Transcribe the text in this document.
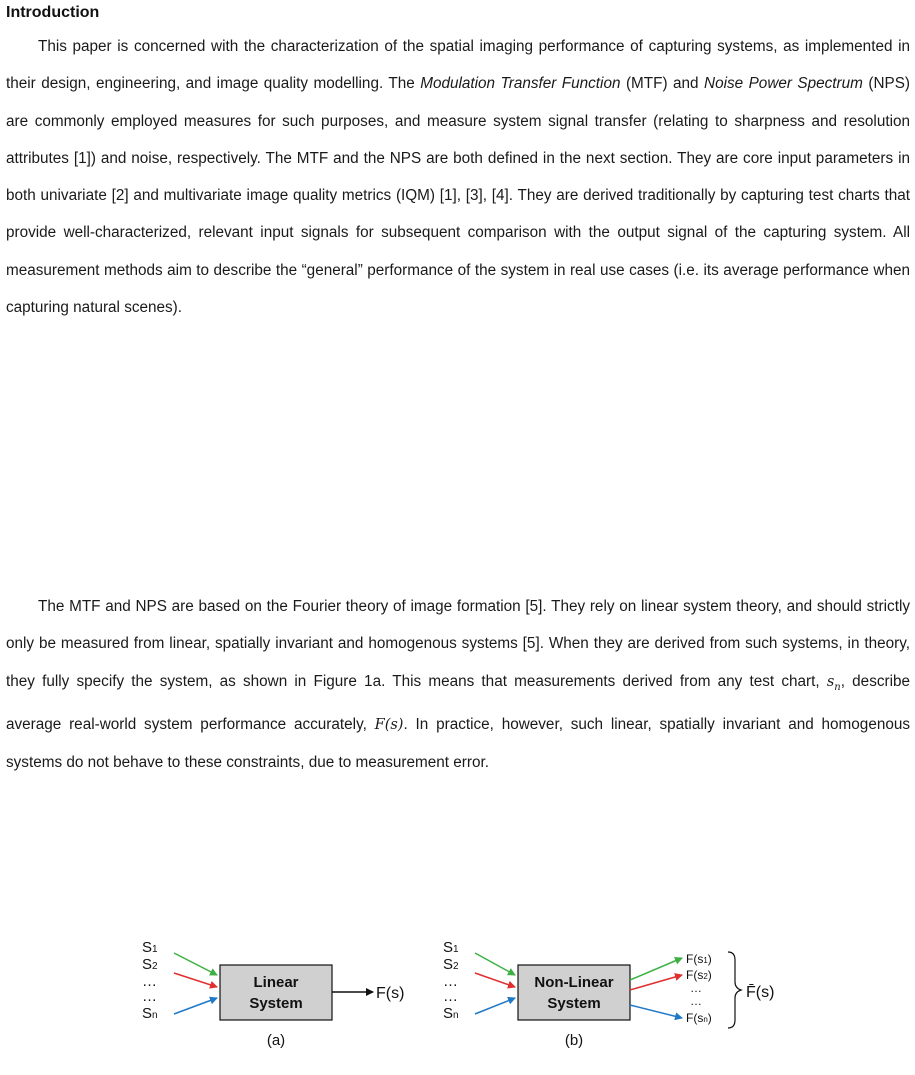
Introduction

This paper is concerned with the characterization of the spatial imaging performance of capturing systems, as implemented in their design, engineering, and image quality modelling. The Modulation Transfer Function (MTF) and Noise Power Spectrum (NPS) are commonly employed measures for such purposes, and measure system signal transfer (relating to sharpness and resolution attributes [1]) and noise, respectively. The MTF and the NPS are both defined in the next section. They are core input parameters in both univariate [2] and multivariate image quality metrics (IQM) [1], [3], [4]. They are derived traditionally by capturing test charts that provide well-characterized, relevant input signals for subsequent comparison with the output signal of the capturing system. All measurement methods aim to describe the “general” performance of the system in real use cases (i.e. its average performance when capturing natural scenes).

The MTF and NPS are based on the Fourier theory of image formation [5]. They rely on linear system theory, and should strictly only be measured from linear, spatially invariant and homogenous systems [5]. When they are derived from such systems, in theory, they fully specify the system, as shown in Figure 1a. This means that measurements derived from any test chart, $s_n$, describe average real-world system performance accurately, F(s). In practice, however, such linear, spatially invariant and homogenous systems do not behave to these constraints, due to measurement error.

S1
S2
…
…
Sn
Linear
System
F(s)
(a)
S1
S2
…
…
Sn
Non-Linear
System
F(s1)
F(s2)
…
…
F(sn)
F̄(s)
(b)
